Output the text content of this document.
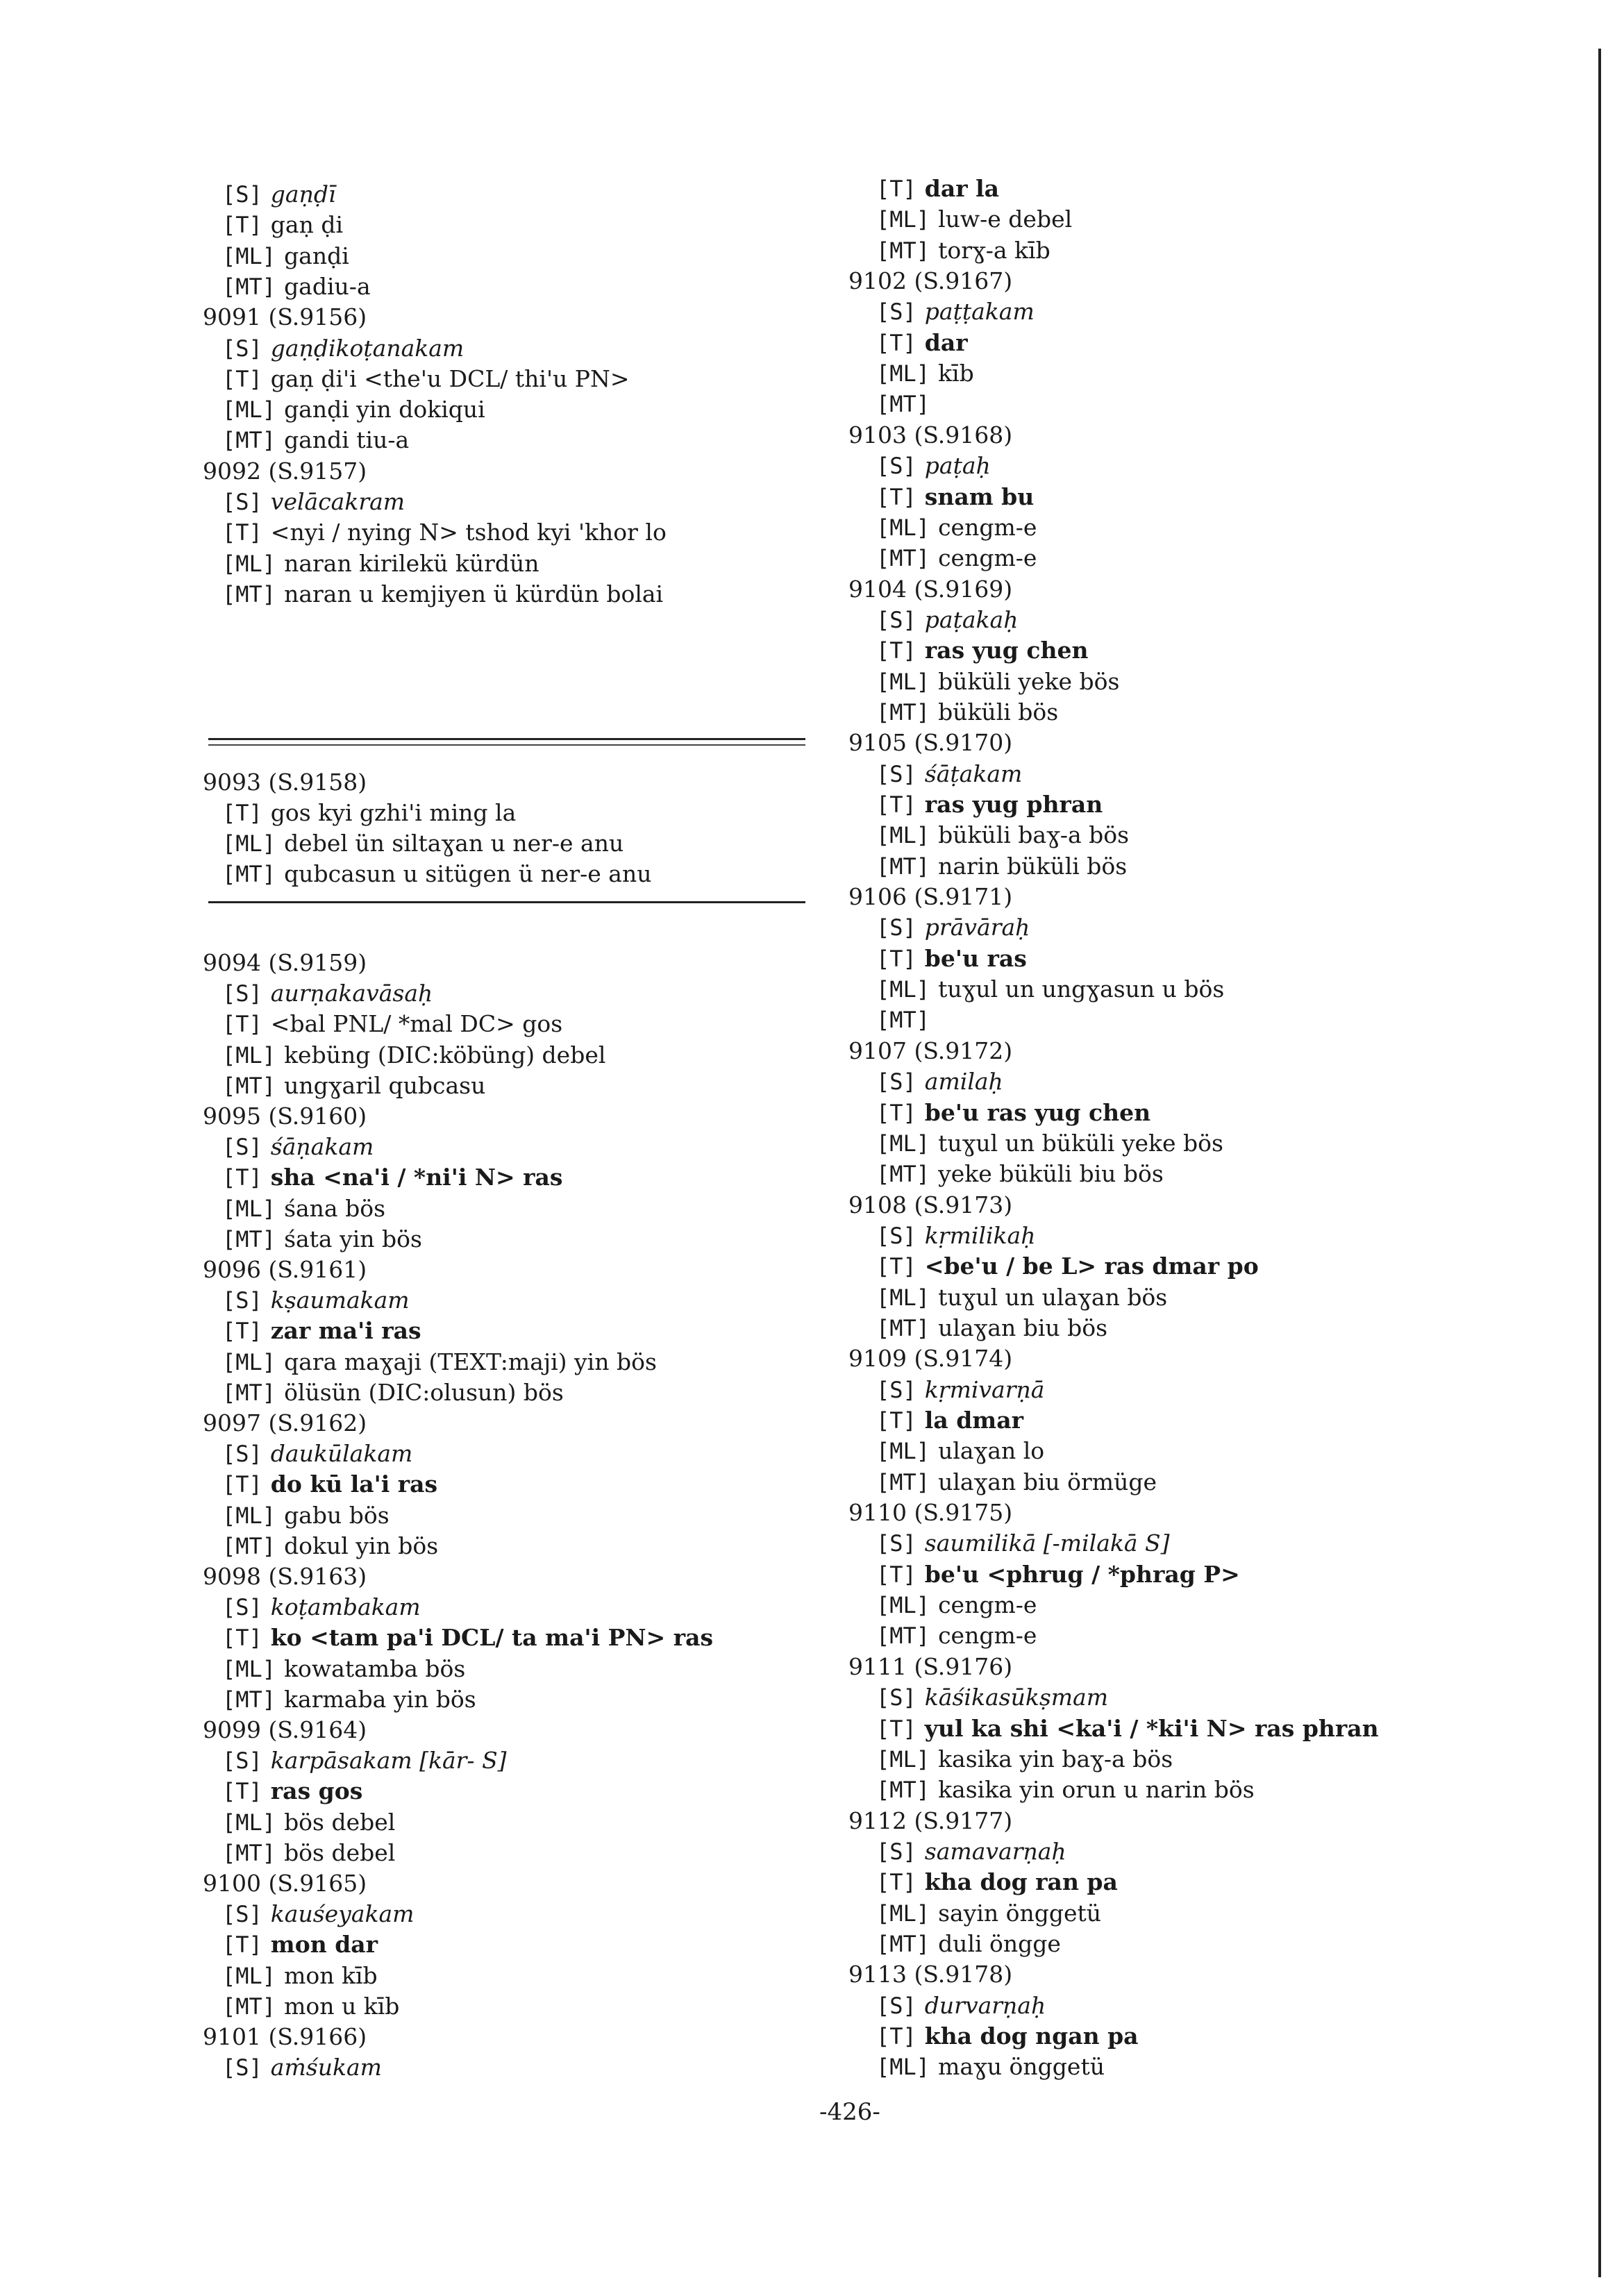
[S] gaṇḍī
[T] gaṇ ḍi
[ML] ganḍi
[MT] gadiu-a
9091 (S.9156)
[S] gaṇḍikoṭanakam
[T] gaṇ ḍi'i <the'u DCL/ thi'u PN>
[ML] ganḍi yin dokiqui
[MT] gandi tiu-a
9092 (S.9157)
[S] velācakram
[T] <nyi / nying N> tshod kyi 'khor lo
[ML] naran kirilekü kürdün
[MT] naran u kemjiyen ü kürdün bolai
9093 (S.9158)
[T] gos kyi gzhi'i ming la
[ML] debel ün siltaɣan u ner-e anu
[MT] qubcasun u sitügen ü ner-e anu
9094 (S.9159)
[S] aurṇakavāsaḥ
[T] <bal PNL/ *mal DC> gos
[ML] kebüng (DIC:köbüng) debel
[MT] ungɣaril qubcasu
9095 (S.9160)
[S] śāṇakam
[T] sha <na'i / *ni'i N> ras
[ML] śana bös
[MT] śata yin bös
9096 (S.9161)
[S] kṣaumakam
[T] zar ma'i ras
[ML] qara maɣaji (TEXT:maji) yin bös
[MT] ölüsün (DIC:olusun) bös
9097 (S.9162)
[S] daukūlakam
[T] do kū la'i ras
[ML] gabu bös
[MT] dokul yin bös
9098 (S.9163)
[S] koṭambakam
[T] ko <tam pa'i DCL/ ta ma'i PN> ras
[ML] kowatamba bös
[MT] karmaba yin bös
9099 (S.9164)
[S] karpāsakam [kār- S]
[T] ras gos
[ML] bös debel
[MT] bös debel
9100 (S.9165)
[S] kauśeyakam
[T] mon dar
[ML] mon kīb
[MT] mon u kīb
9101 (S.9166)
[S] aṁśukam
[T] dar la
[ML] luw-e debel
[MT] torɣ-a kīb
9102 (S.9167)
[S] paṭṭakam
[T] dar
[ML] kīb
[MT]
9103 (S.9168)
[S] paṭaḥ
[T] snam bu
[ML] cengm-e
[MT] cengm-e
9104 (S.9169)
[S] paṭakaḥ
[T] ras yug chen
[ML] büküli yeke bös
[MT] büküli bös
9105 (S.9170)
[S] śāṭakam
[T] ras yug phran
[ML] büküli baɣ-a bös
[MT] narin büküli bös
9106 (S.9171)
[S] prāvāraḥ
[T] be'u ras
[ML] tuɣul un ungɣasun u bös
[MT]
9107 (S.9172)
[S] amilaḥ
[T] be'u ras yug chen
[ML] tuɣul un büküli yeke bös
[MT] yeke büküli biu bös
9108 (S.9173)
[S] kṛmilikaḥ
[T] <be'u / be L> ras dmar po
[ML] tuɣul un ulaɣan bös
[MT] ulaɣan biu bös
9109 (S.9174)
[S] kṛmivarṇā
[T] la dmar
[ML] ulaɣan lo
[MT] ulaɣan biu örmüge
9110 (S.9175)
[S] saumilikā [-milakā S]
[T] be'u <phrug / *phrag P>
[ML] cengm-e
[MT] cengm-e
9111 (S.9176)
[S] kāśikasūkṣmam
[T] yul ka shi <ka'i / *ki'i N> ras phran
[ML] kasika yin baɣ-a bös
[MT] kasika yin orun u narin bös
9112 (S.9177)
[S] samavarṇaḥ
[T] kha dog ran pa
[ML] sayin önggetü
[MT] duli öngge
9113 (S.9178)
[S] durvarṇaḥ
[T] kha dog ngan pa
[ML] maɣu önggetü
-426-
